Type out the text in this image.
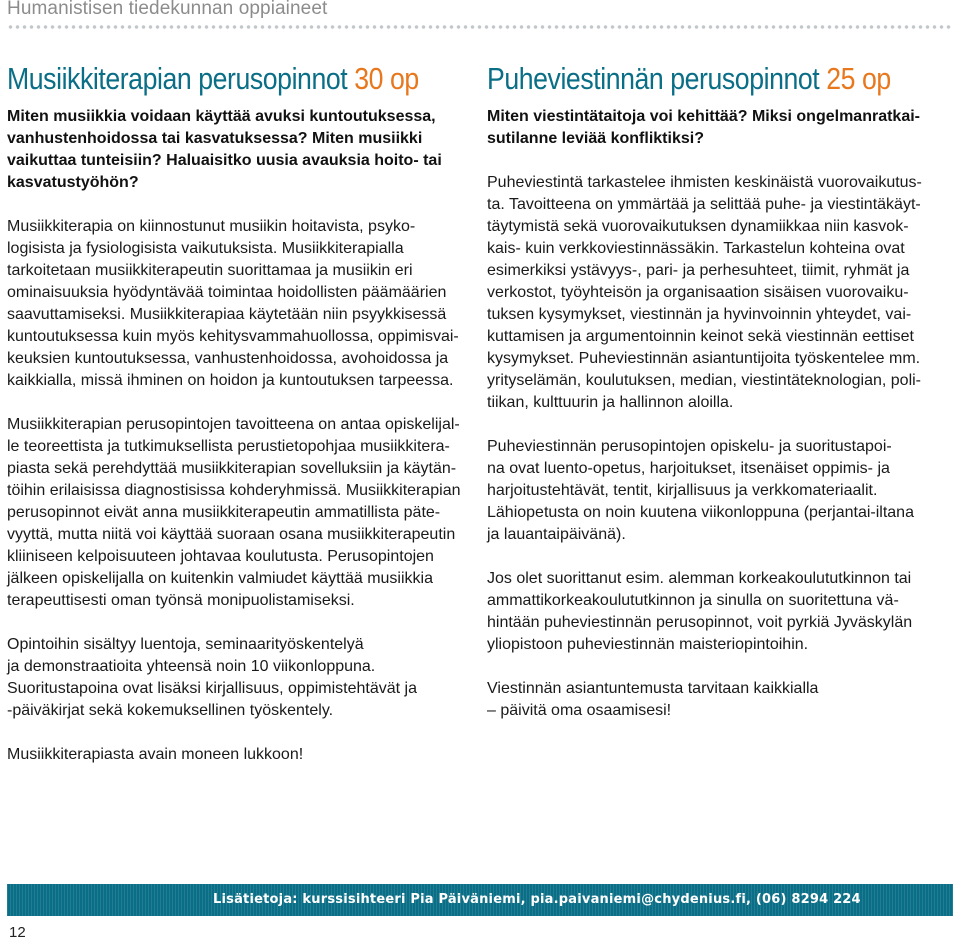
Humanistisen tiedekunnan oppiaineet
Musiikkiterapian perusopinnot 30 op
Miten musiikkia voidaan käyttää avuksi kuntoutuksessa,
vanhustenhoidossa tai kasvatuksessa? Miten musiikki
vaikuttaa tunteisiin? Haluaisitko uusia avauksia hoito- tai
kasvatustyöhön?
Musiikkiterapia on kiinnostunut musiikin hoitavista, psyko-
logisista ja fysiologisista vaikutuksista. Musiikkiterapialla
tarkoitetaan musiikkiterapeutin suorittamaa ja musiikin eri
ominaisuuksia hyödyntävää toimintaa hoidollisten päämäärien
saavuttamiseksi. Musiikkiterapiaa käytetään niin psyykkisessä
kuntoutuksessa kuin myös kehitysvammahuollossa, oppimisvai-
keuksien kuntoutuksessa, vanhustenhoidossa, avohoidossa ja
kaikkialla, missä ihminen on hoidon ja kuntoutuksen tarpeessa.
Musiikkiterapian perusopintojen tavoitteena on antaa opiskelijal-
le teoreettista ja tutkimuksellista perustietopohjaa musiikkitera-
piasta sekä perehdyttää musiikkiterapian sovelluksiin ja käytän-
töihin erilaisissa diagnostisissa kohderyhmissä. Musiikkiterapian
perusopinnot eivät anna musiikkiterapeutin ammatillista päte-
vyyttä, mutta niitä voi käyttää suoraan osana musiikkiterapeutin
kliiniseen kelpoisuuteen johtavaa koulutusta. Perusopintojen
jälkeen opiskelijalla on kuitenkin valmiudet käyttää musiikkia
terapeuttisesti oman työnsä monipuolistamiseksi.
Opintoihin sisältyy luentoja, seminaarityöskentelyä
ja demonstraatioita yhteensä noin 10 viikonloppuna.
Suoritustapoina ovat lisäksi kirjallisuus, oppimistehtävät ja
-päiväkirjat sekä kokemuksellinen työskentely.
Musiikkiterapiasta avain moneen lukkoon!
Puheviestinnän perusopinnot 25 op
Miten viestintätaitoja voi kehittää? Miksi ongelmanratkai-
sutilanne leviää konfliktiksi?
Puheviestintä tarkastelee ihmisten keskinäistä vuorovaikutus-
ta. Tavoitteena on ymmärtää ja selittää puhe- ja viestintäkäyt-
täytymistä sekä vuorovaikutuksen dynamiikkaa niin kasvok-
kais- kuin verkkoviestinnässäkin. Tarkastelun kohteina ovat
esimerkiksi ystävyys-, pari- ja perhesuhteet, tiimit, ryhmät ja
verkostot, työyhteisön ja organisaation sisäisen vuorovaiku-
tuksen kysymykset, viestinnän ja hyvinvoinnin yhteydet, vai-
kuttamisen ja argumentoinnin keinot sekä viestinnän eettiset
kysymykset. Puheviestinnän asiantuntijoita työskentelee mm.
yrityselämän, koulutuksen, median, viestintäteknologian, poli-
tiikan, kulttuurin ja hallinnon aloilla.
Puheviestinnän perusopintojen opiskelu- ja suoritustapoi-
na ovat luento-opetus, harjoitukset, itsenäiset oppimis- ja
harjoitustehtävät, tentit, kirjallisuus ja verkkomateriaalit.
Lähiopetusta on noin kuutena viikonloppuna (perjantai-iltana
ja lauantaipäivänä).
Jos olet suorittanut esim. alemman korkeakoulututkinnon tai
ammattikorkeakoulututkinnon ja sinulla on suoritettuna vä-
hintään puheviestinnän perusopinnot, voit pyrkiä Jyväskylän
yliopistoon puheviestinnän maisteriopintoihin.
Viestinnän asiantuntemusta tarvitaan kaikkialla
– päivitä oma osaamisesi!
Lisätietoja: kurssisihteeri Pia Päiväniemi, pia.paivaniemi@chydenius.fi, (06) 8294 224
12
